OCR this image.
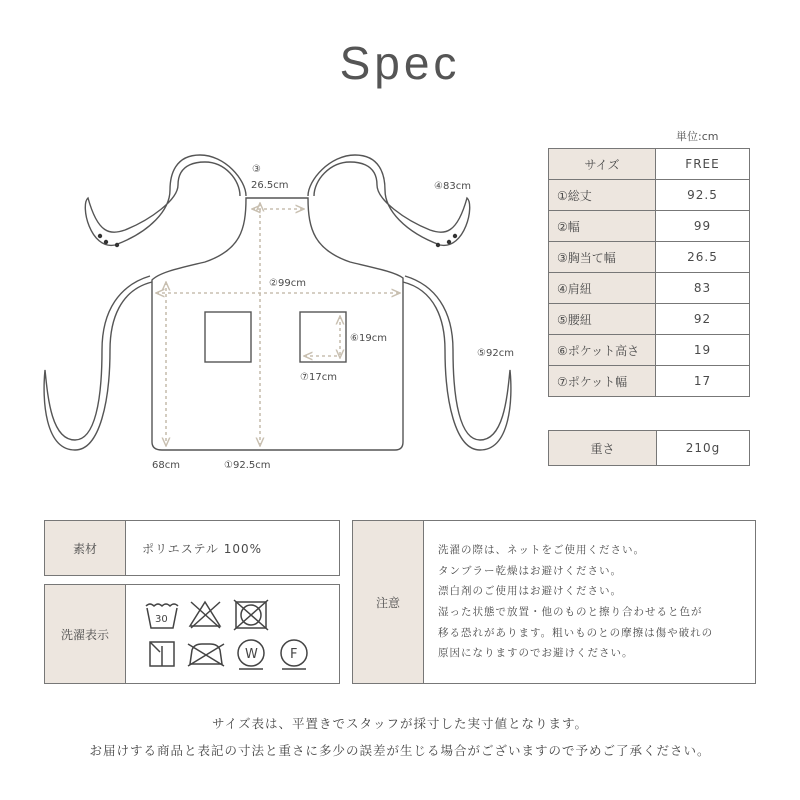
Spec
③
26.5cm	④83cm
②99cm
⑥19cm
⑦17cm
⑤92cm
68cm	①92.5cm
単位:cm
サイズ	FREE
①総丈	92.5
②幅	99
③胸当て幅	26.5
④肩紐	83
⑤腰紐	92
⑥ポケット高さ	19
⑦ポケット幅	17
重さ	210g
素材	ポリエステル 100%
洗濯表示
30
W F
注意
洗濯の際は、ネットをご使用ください。
タンブラー乾燥はお避けください。
漂白剤のご使用はお避けください。
湿った状態で放置・他のものと擦り合わせると色が
移る恐れがあります。粗いものとの摩擦は傷や破れの
原因になりますのでお避けください。
サイズ表は、平置きでスタッフが採寸した実寸値となります。
お届けする商品と表記の寸法と重さに多少の誤差が生じる場合がございますので予めご了承ください。
